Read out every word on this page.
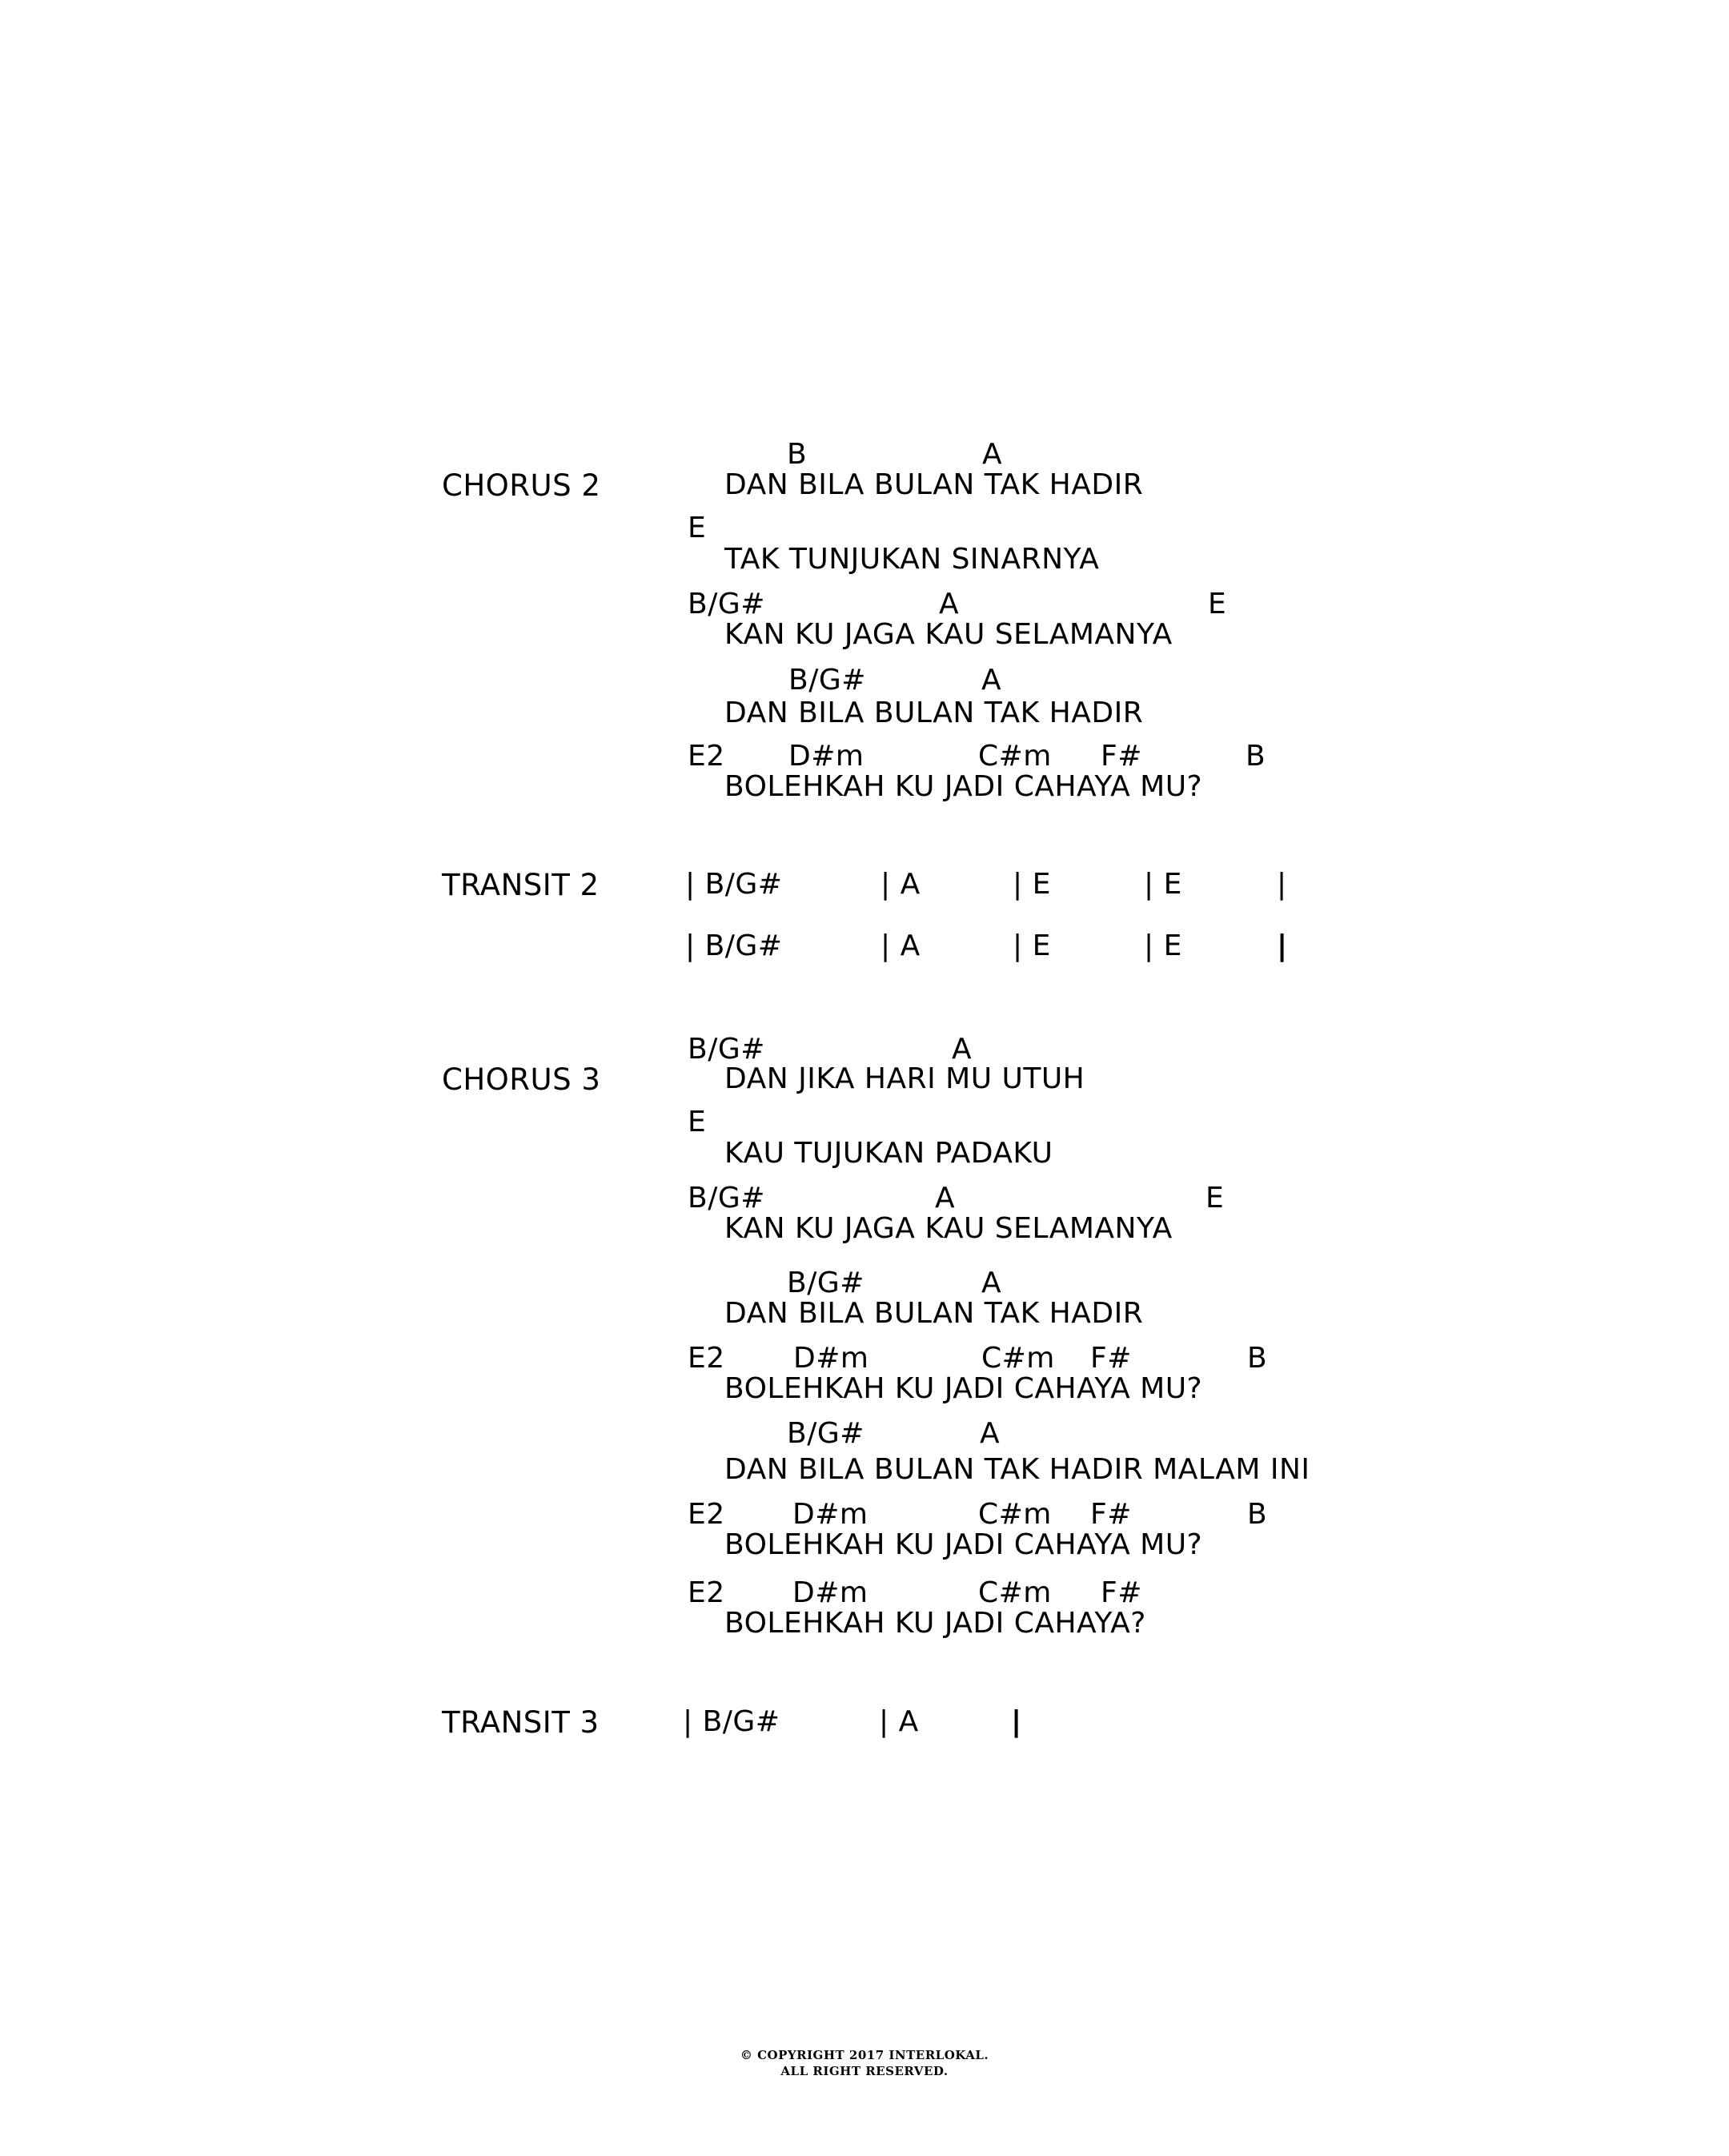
CHORUS 2
B	A
DAN BILA BULAN TAK HADIR
E
TAK TUNJUKAN SINARNYA
B/G#	A	E
KAN KU JAGA KAU SELAMANYA
B/G#	A
DAN BILA BULAN TAK HADIR
E2 D#m	C#m F#	B
BOLEHKAH KU JADI CAHAYA MU?
TRANSIT 2	| B/G#	| A	| E	| E	|
| B/G#	| A	| E	| E	|
CHORUS 3
B/G#	A
DAN JIKA HARI MU UTUH
E
KAU TUJUKAN PADAKU
B/G#	A	E
KAN KU JAGA KAU SELAMANYA
B/G#	A
DAN BILA BULAN TAK HADIR
E2 D#m	C#m F#	B
BOLEHKAH KU JADI CAHAYA MU?
B/G#	A
DAN BILA BULAN TAK HADIR MALAM INI
E2 D#m	C#m F#	B
BOLEHKAH KU JADI CAHAYA MU?
E2 D#m	C#m F#
BOLEHKAH KU JADI CAHAYA?
TRANSIT 3	| B/G#	| A	|
© COPYRIGHT 2017 INTERLOKAL.
ALL RIGHT RESERVED.
